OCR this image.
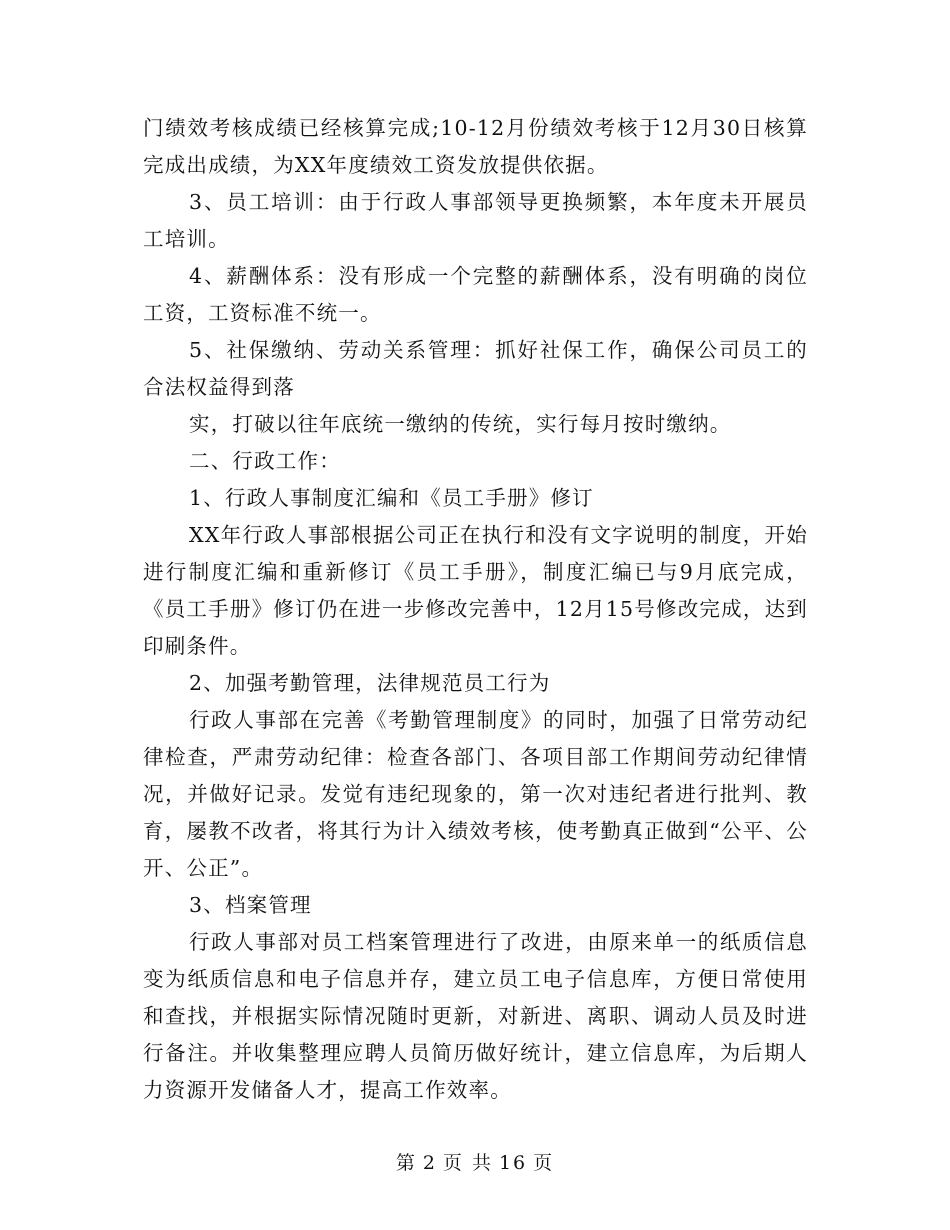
门绩效考核成绩已经核算完成;10-12月份绩效考核于12月30日核算完成出成绩，为XX年度绩效工资发放提供依据。

3、员工培训：由于行政人事部领导更换频繁，本年度未开展员工培训。

4、薪酬体系：没有形成一个完整的薪酬体系，没有明确的岗位工资，工资标准不统一。

5、社保缴纳、劳动关系管理：抓好社保工作，确保公司员工的合法权益得到落

实，打破以往年底统一缴纳的传统，实行每月按时缴纳。

二、行政工作：

1、行政人事制度汇编和《员工手册》修订

XX年行政人事部根据公司正在执行和没有文字说明的制度，开始进行制度汇编和重新修订《员工手册》，制度汇编已与9月底完成，《员工手册》修订仍在进一步修改完善中，12月15号修改完成，达到印刷条件。

2、加强考勤管理，法律规范员工行为

行政人事部在完善《考勤管理制度》的同时，加强了日常劳动纪律检查，严肃劳动纪律：检查各部门、各项目部工作期间劳动纪律情况，并做好记录。发觉有违纪现象的，第一次对违纪者进行批判、教育，屡教不改者，将其行为计入绩效考核，使考勤真正做到“公平、公开、公正”。

3、档案管理

行政人事部对员工档案管理进行了改进，由原来单一的纸质信息变为纸质信息和电子信息并存，建立员工电子信息库，方便日常使用和查找，并根据实际情况随时更新，对新进、离职、调动人员及时进行备注。并收集整理应聘人员简历做好统计，建立信息库，为后期人力资源开发储备人才，提高工作效率。

第 2 页 共 16 页
